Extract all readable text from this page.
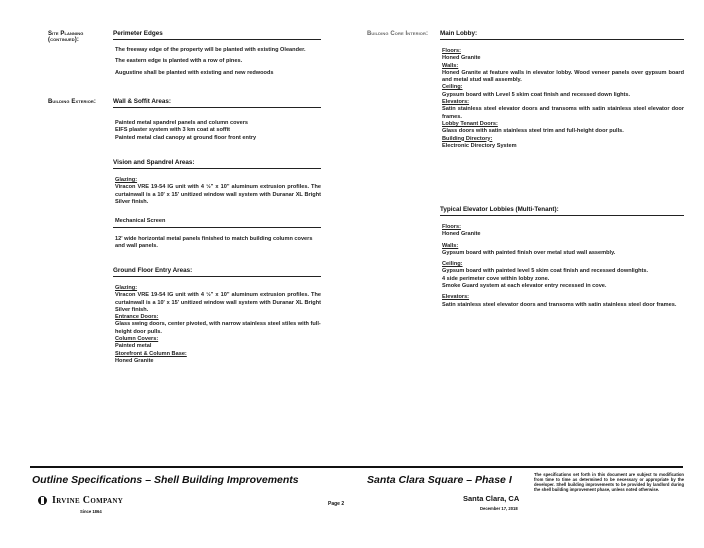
Site Planning
(continued):
Perimeter Edges

The freeway edge of the property will be planted with existing Oleander.

The eastern edge is planted with a row of pines.

Augustine shall be planted with existing and new redwoods

Building Exterior:	Wall & Soffit Areas:

Painted metal spandrel panels and column covers

EIFS plaster system with 3 km coat at soffit

Painted metal clad canopy at ground floor front entry

Vision and Spandrel Areas:

Glazing:

Viracon VRE 19-54 IG unit with 4 ½" x 10" aluminum extrusion profiles. The curtainwall is a 10' x 15' unitized window wall system with Duranar XL Bright Silver finish.

Mechanical Screen

12' wide horizontal metal panels finished to match building column covers and wall panels.

Ground Floor Entry Areas:

Glazing:

Viracon VRE 19-54 IG unit with 4 ½" x 10" aluminum extrusion profiles. The curtainwall is a 10' x 15' unitized window wall system with Duranar XL Bright Silver finish.

Entrance Doors:

Glass swing doors, center pivoted, with narrow stainless steel stiles with full-height door pulls.

Column Covers:

Painted metal

Storefront & Column Base:

Honed Granite

Building Core Interior: Main Lobby:

Floors:

Honed Granite

Walls:

Honed Granite at feature walls in elevator lobby. Wood veneer panels over gypsum board and metal stud wall assembly.

Ceiling:

Gypsum board with Level 5 skim coat finish and recessed down lights.

Elevators:

Satin stainless steel elevator doors and transoms with satin stainless steel elevator door frames.

Lobby Tenant Doors:

Glass doors with satin stainless steel trim and full-height door pulls.

Building Directory:

Electronic Directory System

Typical Elevator Lobbies (Multi-Tenant):

Floors:

Honed Granite

Walls:

Gypsum board with painted finish over metal stud wall assembly.

Ceiling:

Gypsum board with painted level 5 skim coat finish and recessed downlights.

4 side perimeter cove within lobby zone.

Smoke Guard system at each elevator entry recessed in cove.

Elevators:

Satin stainless steel elevator doors and transoms with satin stainless steel door frames.

Outline Specifications – Shell Building Improvements	Santa Clara Square – Phase I
Irvine Company
Since 1864
Page 2
Santa Clara, CA
December 17, 2018
The specifications set forth in this document are subject to modification from time to time as determined to be necessary or appropriate by the developer. Shell building improvements to be provided by landlord during the shell building improvement phase, unless noted otherwise.
